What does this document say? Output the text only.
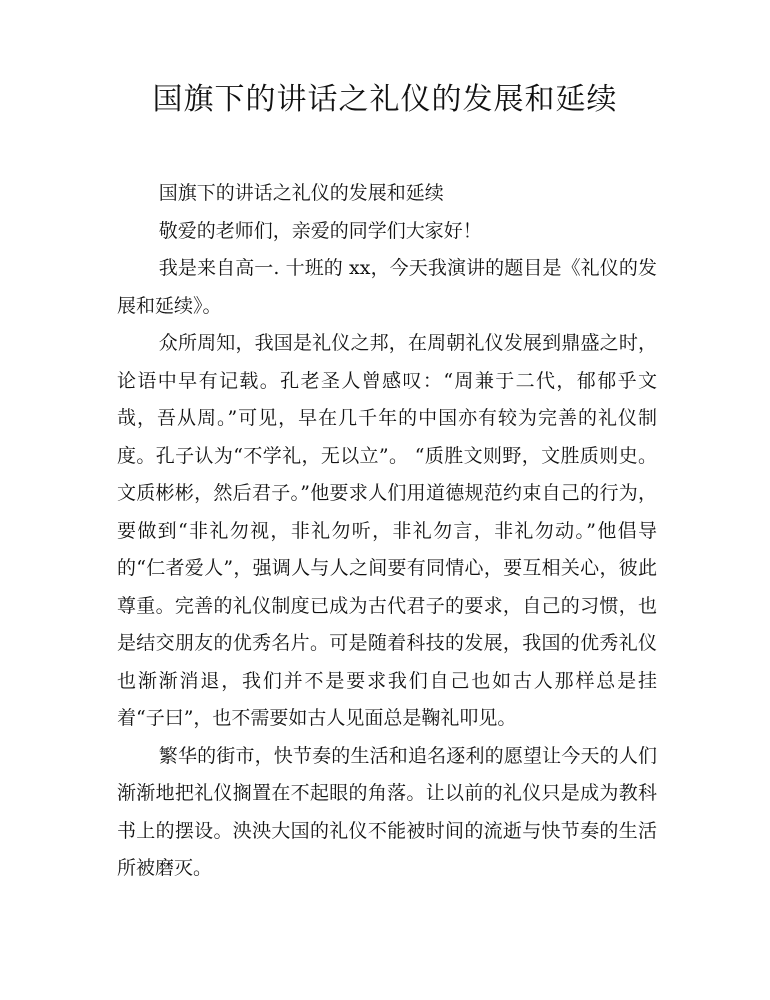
国旗下的讲话之礼仪的发展和延续

国旗下的讲话之礼仪的发展和延续

敬爱的老师们，亲爱的同学们大家好！

我是来自高一. 十班的 xx，今天我演讲的题目是《礼仪的发展和延续》。

众所周知，我国是礼仪之邦，在周朝礼仪发展到鼎盛之时，论语中早有记载。孔老圣人曾感叹：“周兼于二代，郁郁乎文哉，吾从周。”可见，早在几千年的中国亦有较为完善的礼仪制度。孔子认为“不学礼，无以立”。 “质胜文则野，文胜质则史。文质彬彬，然后君子。”他要求人们用道德规范约束自己的行为，要做到“非礼勿视，非礼勿听，非礼勿言，非礼勿动。”他倡导的“仁者爱人”，强调人与人之间要有同情心，要互相关心，彼此尊重。完善的礼仪制度已成为古代君子的要求，自己的习惯，也是结交朋友的优秀名片。可是随着科技的发展，我国的优秀礼仪也渐渐消退，我们并不是要求我们自己也如古人那样总是挂着“子曰”，也不需要如古人见面总是鞠礼叩见。

繁华的街市，快节奏的生活和追名逐利的愿望让今天的人们渐渐地把礼仪搁置在不起眼的角落。让以前的礼仪只是成为教科书上的摆设。泱泱大国的礼仪不能被时间的流逝与快节奏的生活所被磨灭。
